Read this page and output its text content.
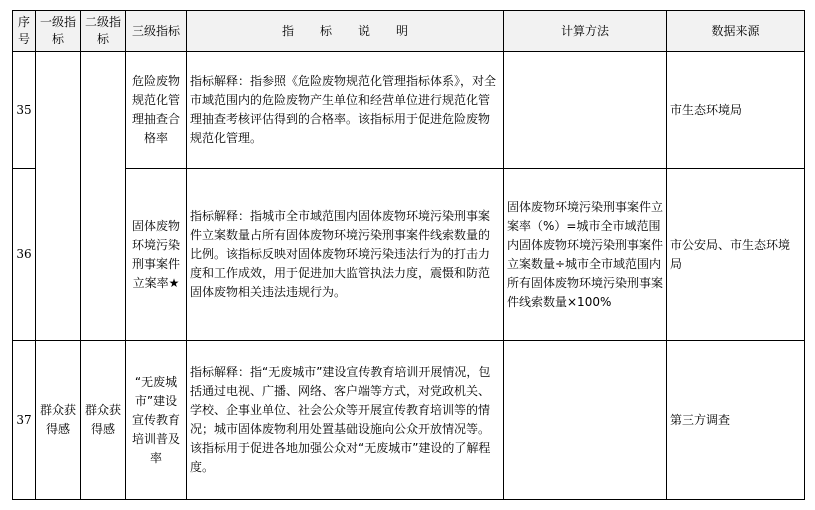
序号	一级指标	二级指标	三级指标	指标说明	计算方法	数据来源
35			危险废物规范化管理抽查合格率	指标解释：指参照《危险废物规范化管理指标体系》，对全市域范围内的危险废物产生单位和经营单位进行规范化管理抽查考核评估得到的合格率。该指标用于促进危险废物规范化管理。		市生态环境局
36			固体废物环境污染刑事案件立案率★	指标解释：指城市全市域范围内固体废物环境污染刑事案件立案数量占所有固体废物环境污染刑事案件线索数量的比例。该指标反映对固体废物环境污染违法行为的打击力度和工作成效，用于促进加大监管执法力度，震慑和防范固体废物相关违法违规行为。	固体废物环境污染刑事案件立案率（%）=城市全市域范围内固体废物环境污染刑事案件立案数量÷城市全市域范围内所有固体废物环境污染刑事案件线索数量×100%	市公安局、市生态环境局
37	群众获得感	群众获得感	“无废城市”建设宣传教育培训普及率	指标解释：指“无废城市”建设宣传教育培训开展情况，包括通过电视、广播、网络、客户端等方式，对党政机关、学校、企事业单位、社会公众等开展宣传教育培训等的情况；城市固体废物利用处置基础设施向公众开放情况等。该指标用于促进各地加强公众对“无废城市”建设的了解程度。		第三方调查
